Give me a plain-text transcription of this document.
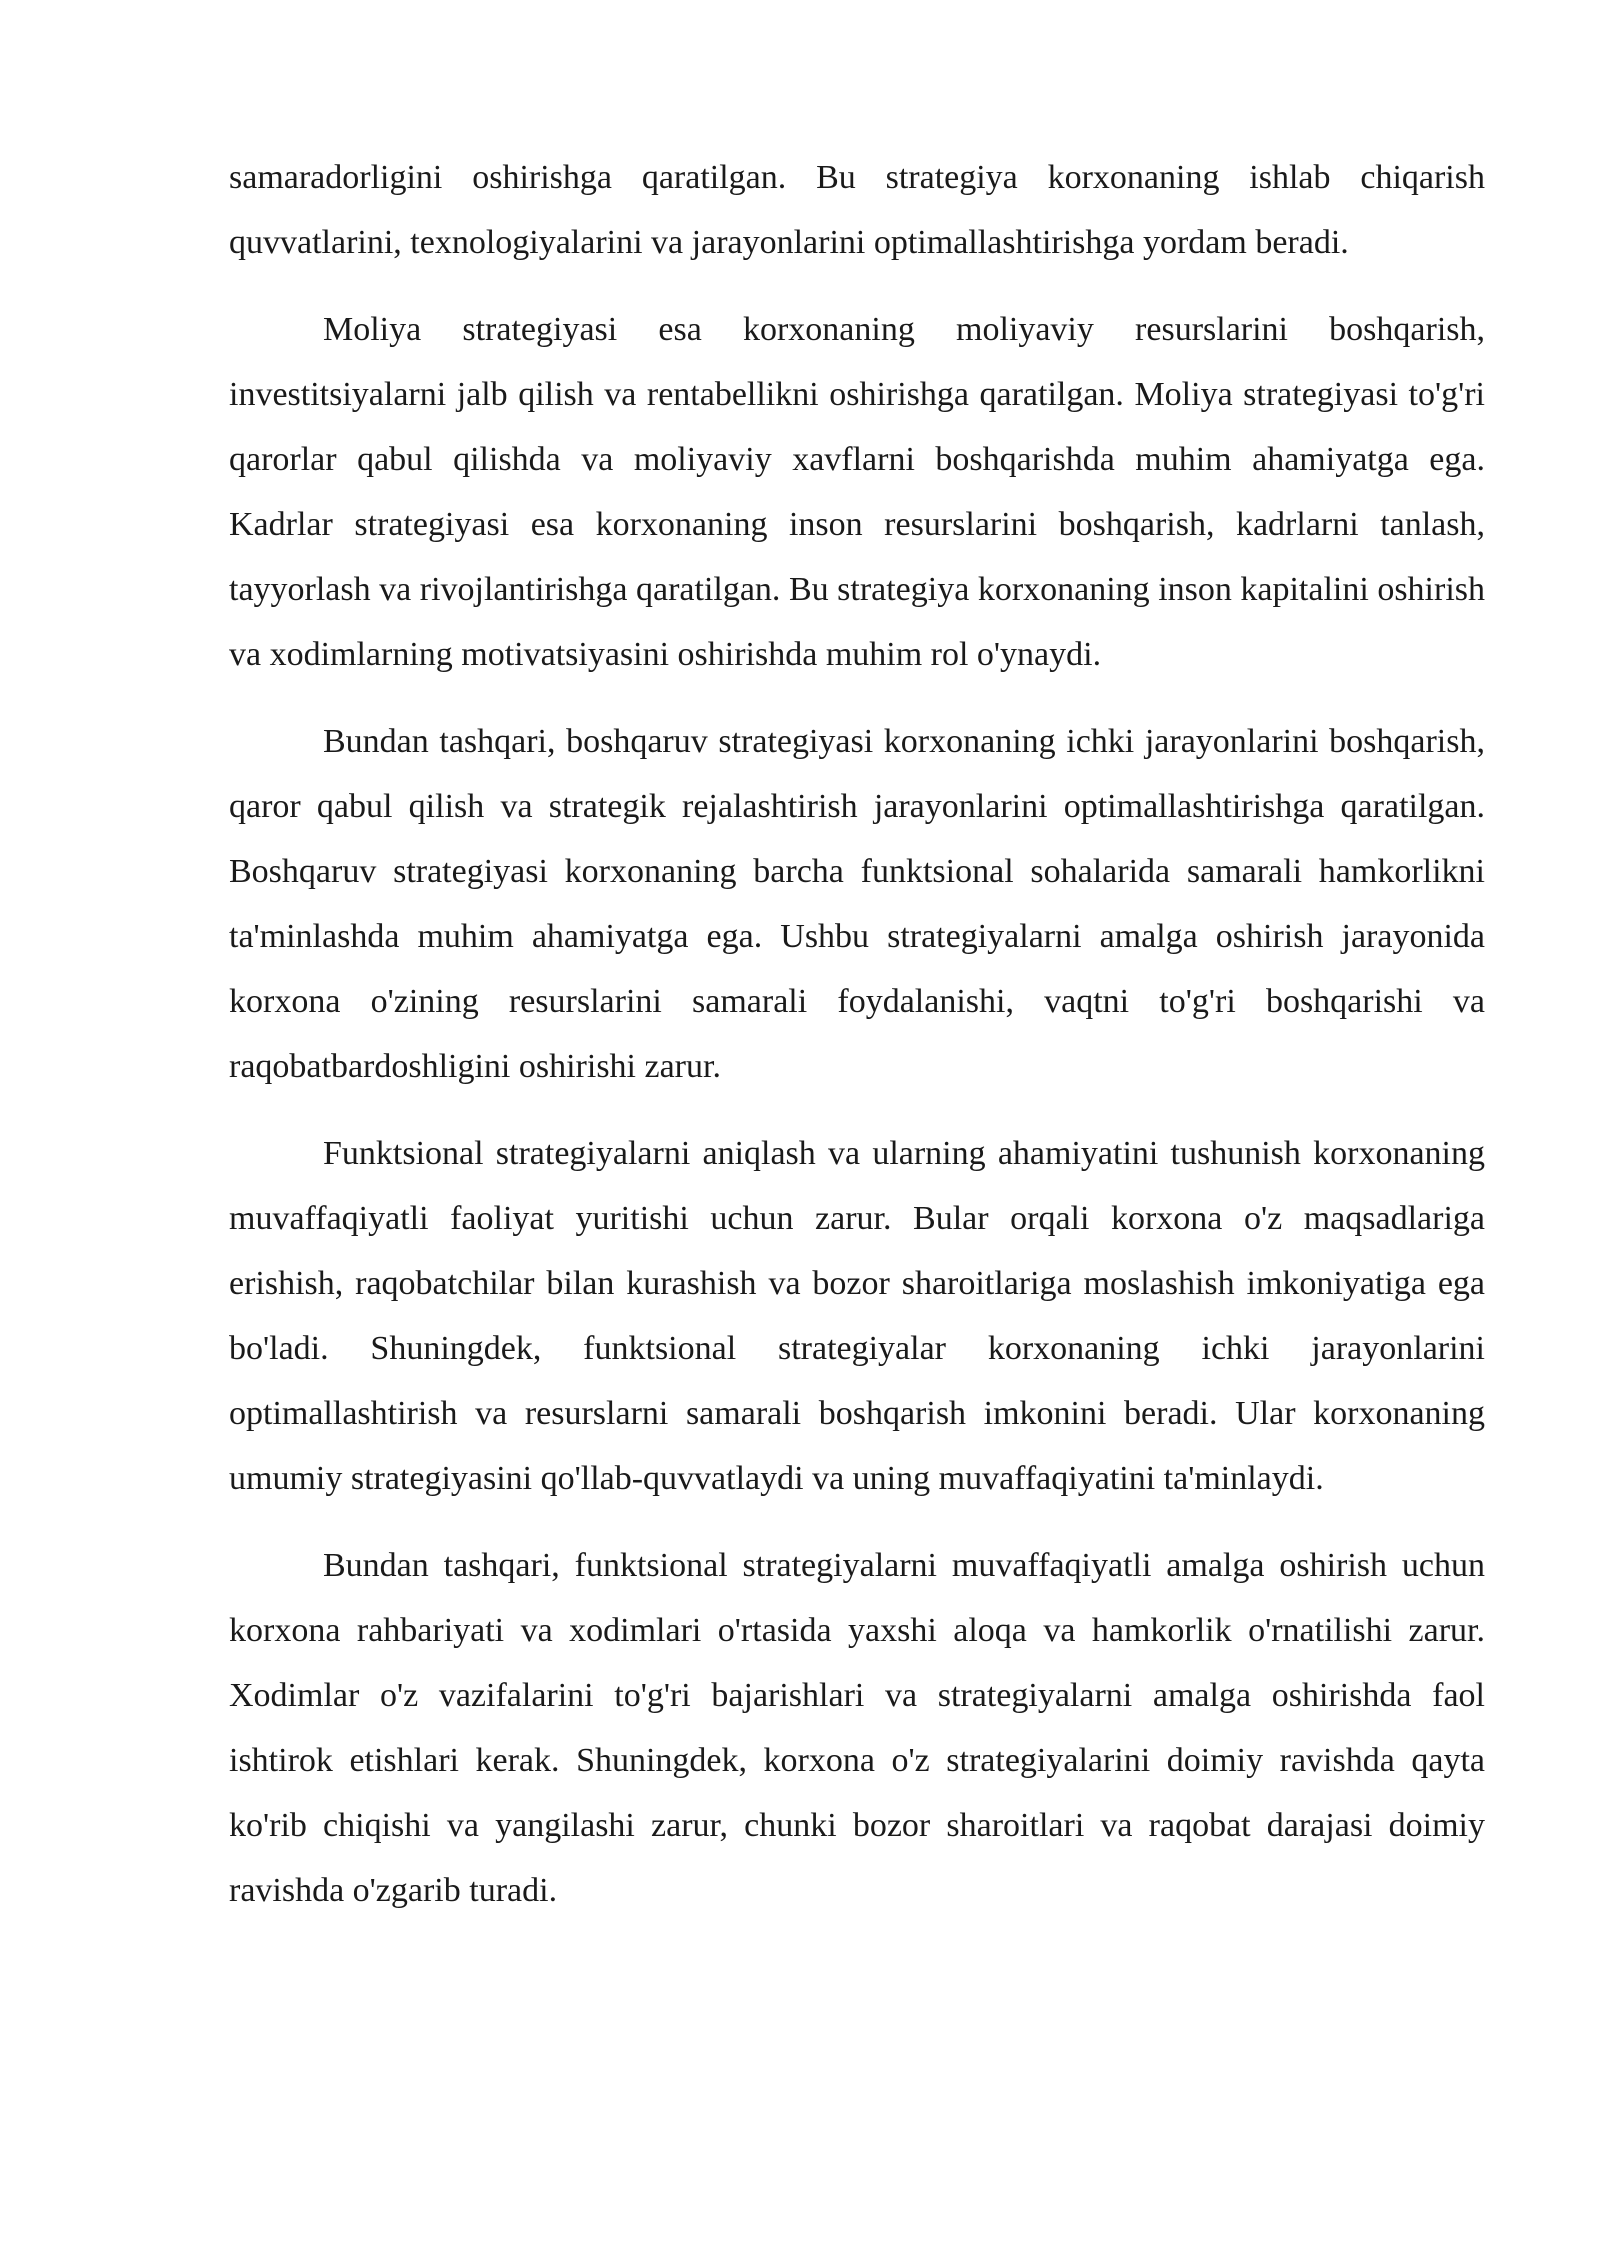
samaradorligini oshirishga qaratilgan. Bu strategiya korxonaning ishlab chiqarish quvvatlarini, texnologiyalarini va jarayonlarini optimallashtirishga yordam beradi.

Moliya strategiyasi esa korxonaning moliyaviy resurslarini boshqarish, investitsiyalarni jalb qilish va rentabellikni oshirishga qaratilgan. Moliya strategiyasi to'g'ri qarorlar qabul qilishda va moliyaviy xavflarni boshqarishda muhim ahamiyatga ega. Kadrlar strategiyasi esa korxonaning inson resurslarini boshqarish, kadrlarni tanlash, tayyorlash va rivojlantirishga qaratilgan. Bu strategiya korxonaning inson kapitalini oshirish va xodimlarning motivatsiyasini oshirishda muhim rol o'ynaydi.

Bundan tashqari, boshqaruv strategiyasi korxonaning ichki jarayonlarini boshqarish, qaror qabul qilish va strategik rejalashtirish jarayonlarini optimallashtirishga qaratilgan. Boshqaruv strategiyasi korxonaning barcha funktsional sohalarida samarali hamkorlikni ta'minlashda muhim ahamiyatga ega. Ushbu strategiyalarni amalga oshirish jarayonida korxona o'zining resurslarini samarali foydalanishi, vaqtni to'g'ri boshqarishi va raqobatbardoshligini oshirishi zarur.

Funktsional strategiyalarni aniqlash va ularning ahamiyatini tushunish korxonaning muvaffaqiyatli faoliyat yuritishi uchun zarur. Bular orqali korxona o'z maqsadlariga erishish, raqobatchilar bilan kurashish va bozor sharoitlariga moslashish imkoniyatiga ega bo'ladi. Shuningdek, funktsional strategiyalar korxonaning ichki jarayonlarini optimallashtirish va resurslarni samarali boshqarish imkonini beradi. Ular korxonaning umumiy strategiyasini qo'llab-quvvatlaydi va uning muvaffaqiyatini ta'minlaydi.

Bundan tashqari, funktsional strategiyalarni muvaffaqiyatli amalga oshirish uchun korxona rahbariyati va xodimlari o'rtasida yaxshi aloqa va hamkorlik o'rnatilishi zarur. Xodimlar o'z vazifalarini to'g'ri bajarishlari va strategiyalarni amalga oshirishda faol ishtirok etishlari kerak. Shuningdek, korxona o'z strategiyalarini doimiy ravishda qayta ko'rib chiqishi va yangilashi zarur, chunki bozor sharoitlari va raqobat darajasi doimiy ravishda o'zgarib turadi.
